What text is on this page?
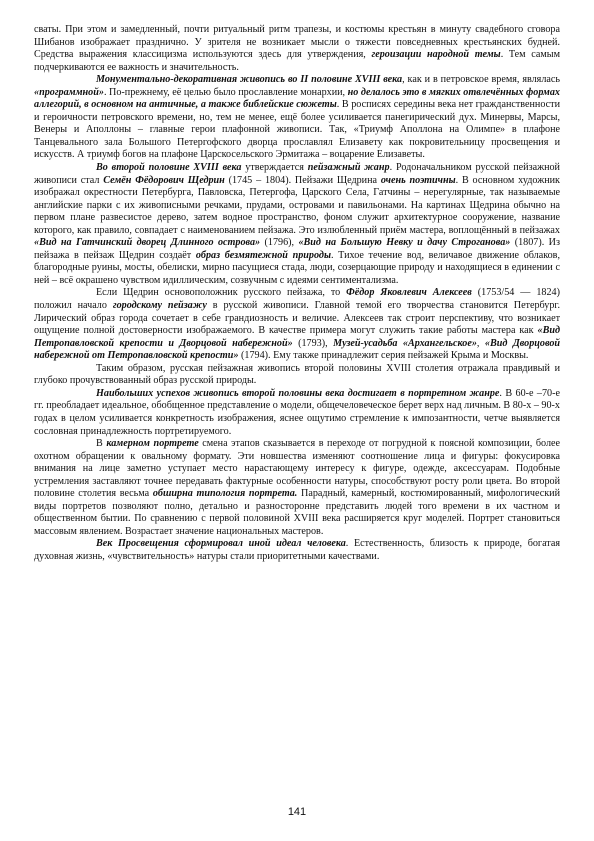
сваты. При этом и замедленный, почти ритуальный ритм трапезы, и костюмы крестьян в минуту свадебного сговора Шибанов изображает празднично. У зрителя не возникает мысли о тяжести повседневных крестьянских будней. Средства выражения классицизма используются здесь для утверждения, героизации народной темы. Тем самым подчеркиваются ее важность и значительность.

Монументально-декоративная живопись во II половине XVIII века, как и в петровское время, являлась «программной». По-прежнему, её целью было прославление монархии, но делалось это в мягких отвлечённых формах аллегорий, в основном на античные, а также библейские сюжеты. В росписях середины века нет гражданственности и героичности петровского времени, но, тем не менее, ещё более усиливается панегирический дух. Минервы, Марсы, Венеры и Аполлоны – главные герои плафонной живописи. Так, «Триумф Аполлона на Олимпе» в плафоне Танцевального зала Большого Петергофского дворца прославлял Елизавету как покровительницу просвещения и искусств. А триумф богов на плафоне Царскосельского Эрмитажа – воцарение Елизаветы.

Во второй половине XVIII века утверждается пейзажный жанр. Родоначальником русской пейзажной живописи стал Семён Фёдорович Щедрин (1745 – 1804). Пейзажи Щедрина очень поэтичны. В основном художник изображал окрестности Петербурга, Павловска, Петергофа, Царского Села, Гатчины – нерегулярные, так называемые английские парки с их живописными речками, прудами, островами и павильонами. На картинах Щедрина обычно на первом плане развесистое дерево, затем водное пространство, фоном служит архитектурное сооружение, название которого, как правило, совпадает с наименованием пейзажа. Это излюбленный приём мастера, воплощённый в пейзажах «Вид на Гатчинский дворец Длинного острова» (1796), «Вид на Большую Невку и дачу Строганова» (1807). Из пейзажа в пейзаж Щедрин создаёт образ безмятежной природы. Тихое течение вод, величавое движение облаков, благородные руины, мосты, обелиски, мирно пасущиеся стада, люди, созерцающие природу и находящиеся в единении с ней – всё окрашено чувством идиллическим, созвучным с идеями сентиментализма.

Если Щедрин основоположник русского пейзажа, то Фёдор Яковлевич Алексеев (1753/54 — 1824) положил начало городскому пейзажу в русской живописи. Главной темой его творчества становится Петербург. Лирический образ города сочетает в себе грандиозность и величие. Алексеев так строит перспективу, что возникает ощущение полной достоверности изображаемого. В качестве примера могут служить такие работы мастера как «Вид Петропавловской крепости и Дворцовой набережной» (1793), Музей-усадьба «Архангельское», «Вид Дворцовой набережной от Петропавловской крепости» (1794). Ему также принадлежит серия пейзажей Крыма и Москвы.

Таким образом, русская пейзажная живопись второй половины XVIII столетия отражала правдивый и глубоко прочувствованный образ русской природы.

Наибольших успехов живопись второй половины века достигает в портретном жанре. В 60-е –70-е гг. преобладает идеальное, обобщенное представление о модели, общечеловеческое берет верх над личным. В 80-х – 90-х годах в целом усиливается конкретность изображения, яснее ощутимо стремление к импозантности, четче выявляется сословная принадлежность портретируемого.

В камерном портрете смена этапов сказывается в переходе от погрудной к поясной композиции, более охотном обращении к овальному формату. Эти новшества изменяют соотношение лица и фигуры: фокусировка внимания на лице заметно уступает место нарастающему интересу к фигуре, одежде, аксессуарам. Подобные устремления заставляют точнее передавать фактурные особенности натуры, способствуют росту роли цвета. Во второй половине столетия весьма обширна типология портрета. Парадный, камерный, костюмированный, мифологический виды портретов позволяют полно, детально и разносторонне представить людей того времени в их частном и общественном бытии. По сравнению с первой половиной XVIII века расширяется круг моделей. Портрет становиться массовым явлением. Возрастает значение национальных мастеров.

Век Просвещения сформировал иной идеал человека. Естественность, близость к природе, богатая духовная жизнь, «чувствительность» натуры стали приоритетными качествами.

141
